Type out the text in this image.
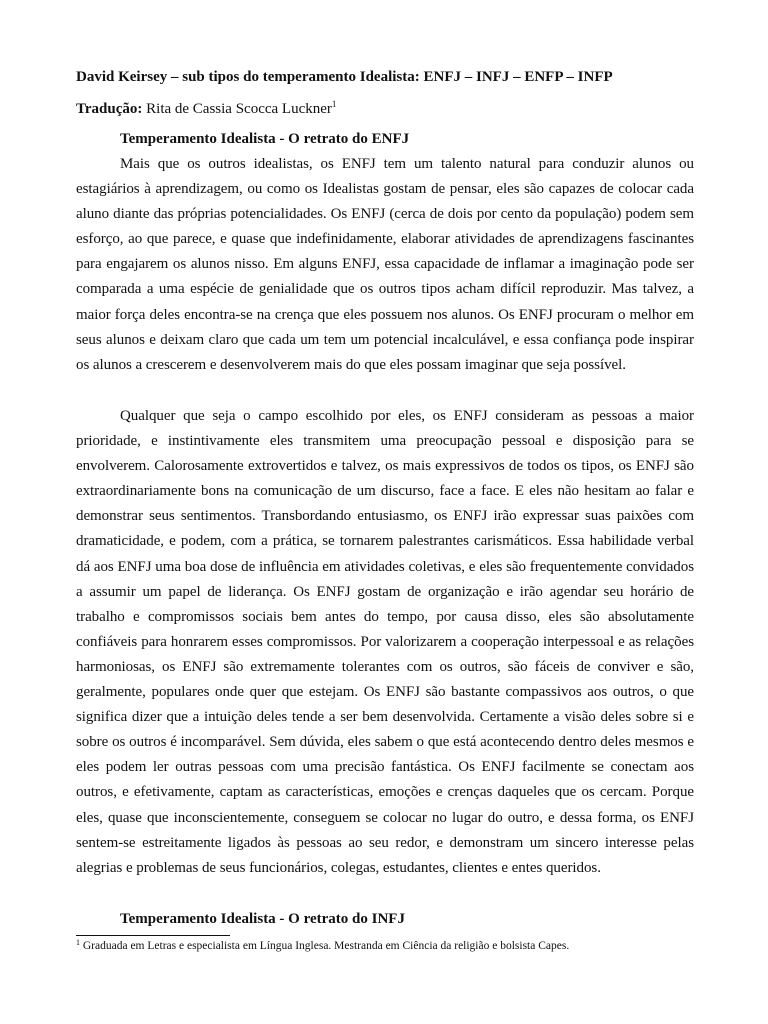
David Keirsey – sub tipos do temperamento Idealista: ENFJ – INFJ – ENFP – INFP
Tradução: Rita de Cassia Scocca Luckner$^1$
Temperamento Idealista - O retrato do ENFJ

Mais que os outros idealistas, os ENFJ tem um talento natural para conduzir alunos ou estagiários à aprendizagem, ou como os Idealistas gostam de pensar, eles são capazes de colocar cada aluno diante das próprias potencialidades. Os ENFJ (cerca de dois por cento da população) podem sem esforço, ao que parece, e quase que indefinidamente, elaborar atividades de aprendizagens fascinantes para engajarem os alunos nisso. Em alguns ENFJ, essa capacidade de inflamar a imaginação pode ser comparada a uma espécie de genialidade que os outros tipos acham difícil reproduzir. Mas talvez, a maior força deles encontra-se na crença que eles possuem nos alunos. Os ENFJ procuram o melhor em seus alunos e deixam claro que cada um tem um potencial incalculável, e essa confiança pode inspirar os alunos a crescerem e desenvolverem mais do que eles possam imaginar que seja possível.

Qualquer que seja o campo escolhido por eles, os ENFJ consideram as pessoas a maior prioridade, e instintivamente eles transmitem uma preocupação pessoal e disposição para se envolverem. Calorosamente extrovertidos e talvez, os mais expressivos de todos os tipos, os ENFJ são extraordinariamente bons na comunicação de um discurso, face a face. E eles não hesitam ao falar e demonstrar seus sentimentos. Transbordando entusiasmo, os ENFJ irão expressar suas paixões com dramaticidade, e podem, com a prática, se tornarem palestrantes carismáticos. Essa habilidade verbal dá aos ENFJ uma boa dose de influência em atividades coletivas, e eles são frequentemente convidados a assumir um papel de liderança. Os ENFJ gostam de organização e irão agendar seu horário de trabalho e compromissos sociais bem antes do tempo, por causa disso, eles são absolutamente confiáveis para honrarem esses compromissos. Por valorizarem a cooperação interpessoal e as relações harmoniosas, os ENFJ são extremamente tolerantes com os outros, são fáceis de conviver e são, geralmente, populares onde quer que estejam. Os ENFJ são bastante compassivos aos outros, o que significa dizer que a intuição deles tende a ser bem desenvolvida. Certamente a visão deles sobre si e sobre os outros é incomparável. Sem dúvida, eles sabem o que está acontecendo dentro deles mesmos e eles podem ler outras pessoas com uma precisão fantástica. Os ENFJ facilmente se conectam aos outros, e efetivamente, captam as características, emoções e crenças daqueles que os cercam. Porque eles, quase que inconscientemente, conseguem se colocar no lugar do outro, e dessa forma, os ENFJ sentem-se estreitamente ligados às pessoas ao seu redor, e demonstram um sincero interesse pelas alegrias e problemas de seus funcionários, colegas, estudantes, clientes e entes queridos.

Temperamento Idealista - O retrato do INFJ
$^1$ Graduada em Letras e especialista em Língua Inglesa. Mestranda em Ciência da religião e bolsista Capes.
